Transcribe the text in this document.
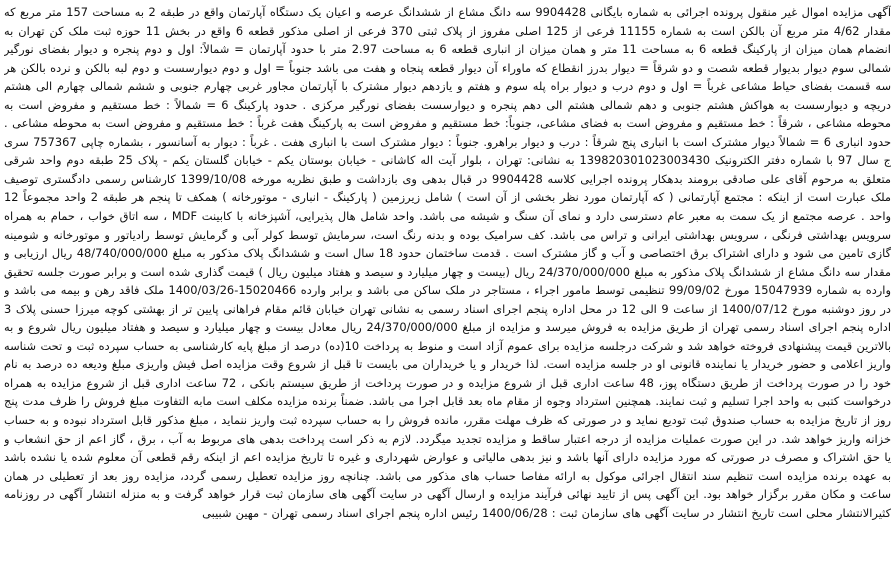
آگهی مزایده اموال غیر منقول پرونده اجرائی به شماره بایگانی 9904428 سه دانگ مشاع از ششدانگ عرصه و اعیان یک دستگاه آپارتمان واقع در طبقه 2 به مساحت 157 متر مربع که مقدار 4/62 متر مربع آن بالکن است به شماره 11155 فرعی از 125 اصلی مفروز از پلاک ثبتی 370 فرعی از اصلی مذکور قطعه 6 واقع در بخش 11 حوزه ثبت ملک کن تهران به انضمام همان میزان از پارکینگ قطعه 6 به مساحت 11 متر و همان میزان از انباری قطعه 6 به مساحت 2.97 متر با حدود آپارتمان = شمالاً: اول و دوم پنجره و دیوار بفضای نورگیر شمالی سوم دیوار بدیوار قطعه شصت و دو شرقاً = دیوار بدرز انقطاع که ماوراء آن دیوار قطعه پنجاه و هفت می باشد جنوباً = اول و دوم دیوارسست و دوم لبه بالکن و نرده بالکن هر سه قسمت بفضای حیاط مشاعی غرباً = اول و دوم درب و دیوار براه پله سوم و هفتم و یازدهم دیوار مشترک با آپارتمان مجاور غربی چهارم جنوبی و ششم شمالی چهارم الی هشتم دریچه و دیوارسست به هواکش هشتم جنوبی و دهم شمالی هشتم الی دهم پنجره و دیوارسست بفضای نورگیر مرکزی . حدود پارکینگ 6 = شمالاً : خط مستقیم و مفروض است به محوطه مشاعی ، شرقاً : خط مستقیم و مفروض است به فضای مشاعی، جنوباً: خط مستقیم و مفروض است به پارکینگ هفت غرباً : خط مستقیم و مفروض است به محوطه مشاعی . حدود انباری 6 = شمالاً دیوار مشترک است با انباری پنج شرقاً : درب و دیوار براهرو. جنوباً : دیوار مشترک است با انباری هفت . غرباً : دیوار به آسانسور ، بشماره چاپی 757367 سری ج سال 97 با شماره دفتر الکترونیک 139820301023003430 به نشانی: تهران ، بلوار آیت اله کاشانی - خیابان بوستان یکم - خیابان گلستان یکم - پلاک 25 طبقه دوم واحد شرقی متعلق به مرحوم آقای علی صادقی برومند بدهکار پرونده اجرایی کلاسه 9904428 در قبال بدهی وی بازداشت و طبق نظریه مورخه 1399/10/08 کارشناس رسمی دادگستری توصیف ملک عبارت است از اینکه : مجتمع آپارتمانی ( که آپارتمان مورد نظر بخشی از آن است ) شامل زیرزمین ( پارکینگ - انباری - موتورخانه ) همکف تا پنجم هر طبقه 2 واحد مجموعاً 12 واحد . عرصه مجتمع از یک سمت به معبر عام دسترسی دارد و نمای آن سنگ و شیشه می باشد. واحد شامل هال پذیرایی، آشپزخانه با کابینت MDF ، سه اتاق خواب ، حمام به همراه سرویس بهداشتی فرنگی ، سرویس بهداشتی ایرانی و تراس می باشد. کف سرامیک بوده و بدنه رنگ است، سرمایش توسط کولر آبی و گرمایش توسط رادیاتور و موتورخانه و شومینه گازی تامین می شود و دارای اشتراک برق اختصاصی و آب و گاز مشترک است . قدمت ساختمان حدود 18 سال است و ششدانگ پلاک مذکور به مبلغ 48/740/000/000 ریال ارزیابی و مقدار سه دانگ مشاع از ششدانگ پلاک مذکور به مبلغ 24/370/000/000 ریال (بیست و چهار میلیارد و سیصد و هفتاد میلیون ریال ) قیمت گذاری شده است و برابر صورت جلسه تحقیق وارده به شماره 15047939 مورخ 99/09/02 تنظیمی توسط مامور اجراء ، مستاجر در ملک ساکن می باشد و برابر وارده 15020466-1400/03/26 ملک فاقد رهن و بیمه می باشد و در روز دوشنبه مورخ 1400/07/12 از ساعت 9 الی 12 در محل اداره پنجم اجرای اسناد رسمی به نشانی تهران خیابان قائم مقام فراهانی پایین تر از بهشتی کوچه میرزا حسنی پلاک 3 اداره پنجم اجرای اسناد رسمی تهران از طریق مزایده به فروش میرسد و مزایده از مبلغ 24/370/000/000 ریال معادل بیست و چهار میلیارد و سیصد و هفتاد میلیون ریال شروع و به بالاترین قیمت پیشنهادی فروخته خواهد شد و شرکت درجلسه مزایده برای عموم آزاد است و منوط به پرداخت 10(ده) درصد از مبلغ پایه کارشناسی به حساب سپرده ثبت و تحت شناسه واریز اعلامی و حضور خریدار یا نماینده قانونی او در جلسه مزایده است. لذا خریدار و یا خریداران می بایست تا قبل از شروع وقت مزایده اصل فیش واریزی مبلغ ودیعه ده درصد به نام خود را در صورت پرداخت از طریق دستگاه پوز، 48 ساعت اداری قبل از شروع مزایده و در صورت پرداخت از طریق سیستم بانکی ، 72 ساعت اداری قبل از شروع مزایده به همراه درخواست کتبی به واحد اجرا تسلیم و ثبت نمایند. همچنین استرداد وجوه از مقام ماه بعد قابل اجرا می باشد. ضمناً برنده مزایده مکلف است مابه التفاوت مبلغ فروش را ظرف مدت پنج روز از تاریخ مزایده به حساب صندوق ثبت تودیع نماید و در صورتی که ظرف مهلت مقرر، مانده فروش را به حساب سپرده ثبت واریز ننماید ، مبلغ مذکور قابل استرداد نبوده و به حساب خزانه واریز خواهد شد. در این صورت عملیات مزایده از درجه اعتبار ساقط و مزایده تجدید میگردد. لازم به ذکر است پرداخت بدهی های مربوط به آب ، برق ، گاز اعم از حق انشعاب و یا حق اشتراک و مصرف در صورتی که مورد مزایده دارای آنها باشد و نیز بدهی مالیاتی و عوارض شهرداری و غیره تا تاریخ مزایده اعم از اینکه رقم قطعی آن معلوم شده یا نشده باشد به عهده برنده مزایده است تنظیم سند انتقال اجرائی موکول به ارائه مفاصا حساب های مذکور می باشد. چنانچه روز مزایده تعطیل رسمی گردد، مزایده روز بعد از تعطیلی در همان ساعت و مکان مقرر برگزار خواهد بود. این آگهی پس از تایید نهائی فرآیند مزایده و ارسال آگهی در سایت آگهی های سازمان ثبت قرار خواهد گرفت و به منزله انتشار آگهی در روزنامه کثیرالانتشار محلی است تاریخ انتشار در سایت آگهی های سازمان ثبت : 1400/06/28 رئیس اداره پنجم اجرای اسناد رسمی تهران - مهین شبیبی
